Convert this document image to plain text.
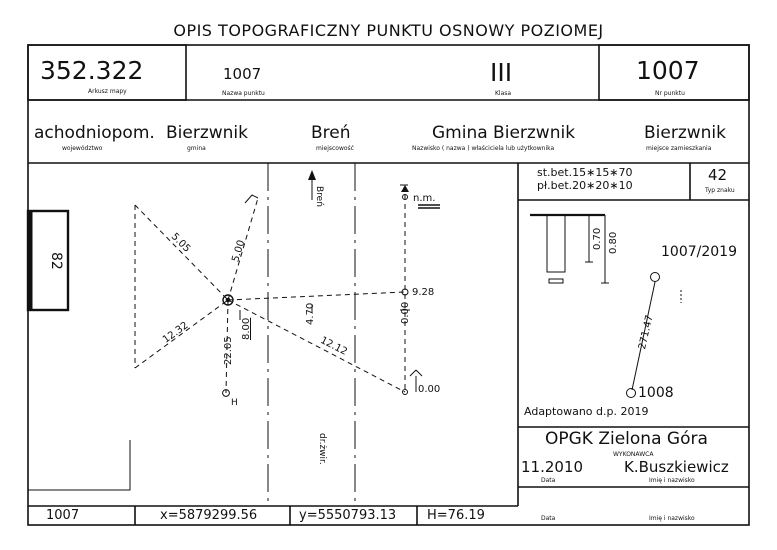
OPIS TOPOGRAFICZNY PUNKTU OSNOWY POZIOMEJ
352.322
Arkusz mapy
1007
Nazwa punktu
III
Klasa
1007
Nr punktu
achodniopom.
województwo
Bierzwnik
gmina
Breń
miejscowość
Gmina Bierzwnik
Nazwisko ( nazwa ) właściciela lub użytkownika
Bierzwnik
miejsce zamieszkania
5.05	5.00
12.32
22.05
8.00
4.70
12.12
9.28
0.00
0.00
n.m.
H
Breń
dr.żwir.
82
st.bet.15∗15∗70
pł.bet.20∗20∗10
42
Typ znaku
0.70 0.80
271.47
1007/2019
1008
Adaptowano d.p. 2019
OPGK Zielona Góra
WYKONAWCA
11.2010
Data
K.Buszkiewicz
Imię i nazwisko
Data	Imię i nazwisko
1007	x=5879299.56	y=5550793.13 H=76.19
